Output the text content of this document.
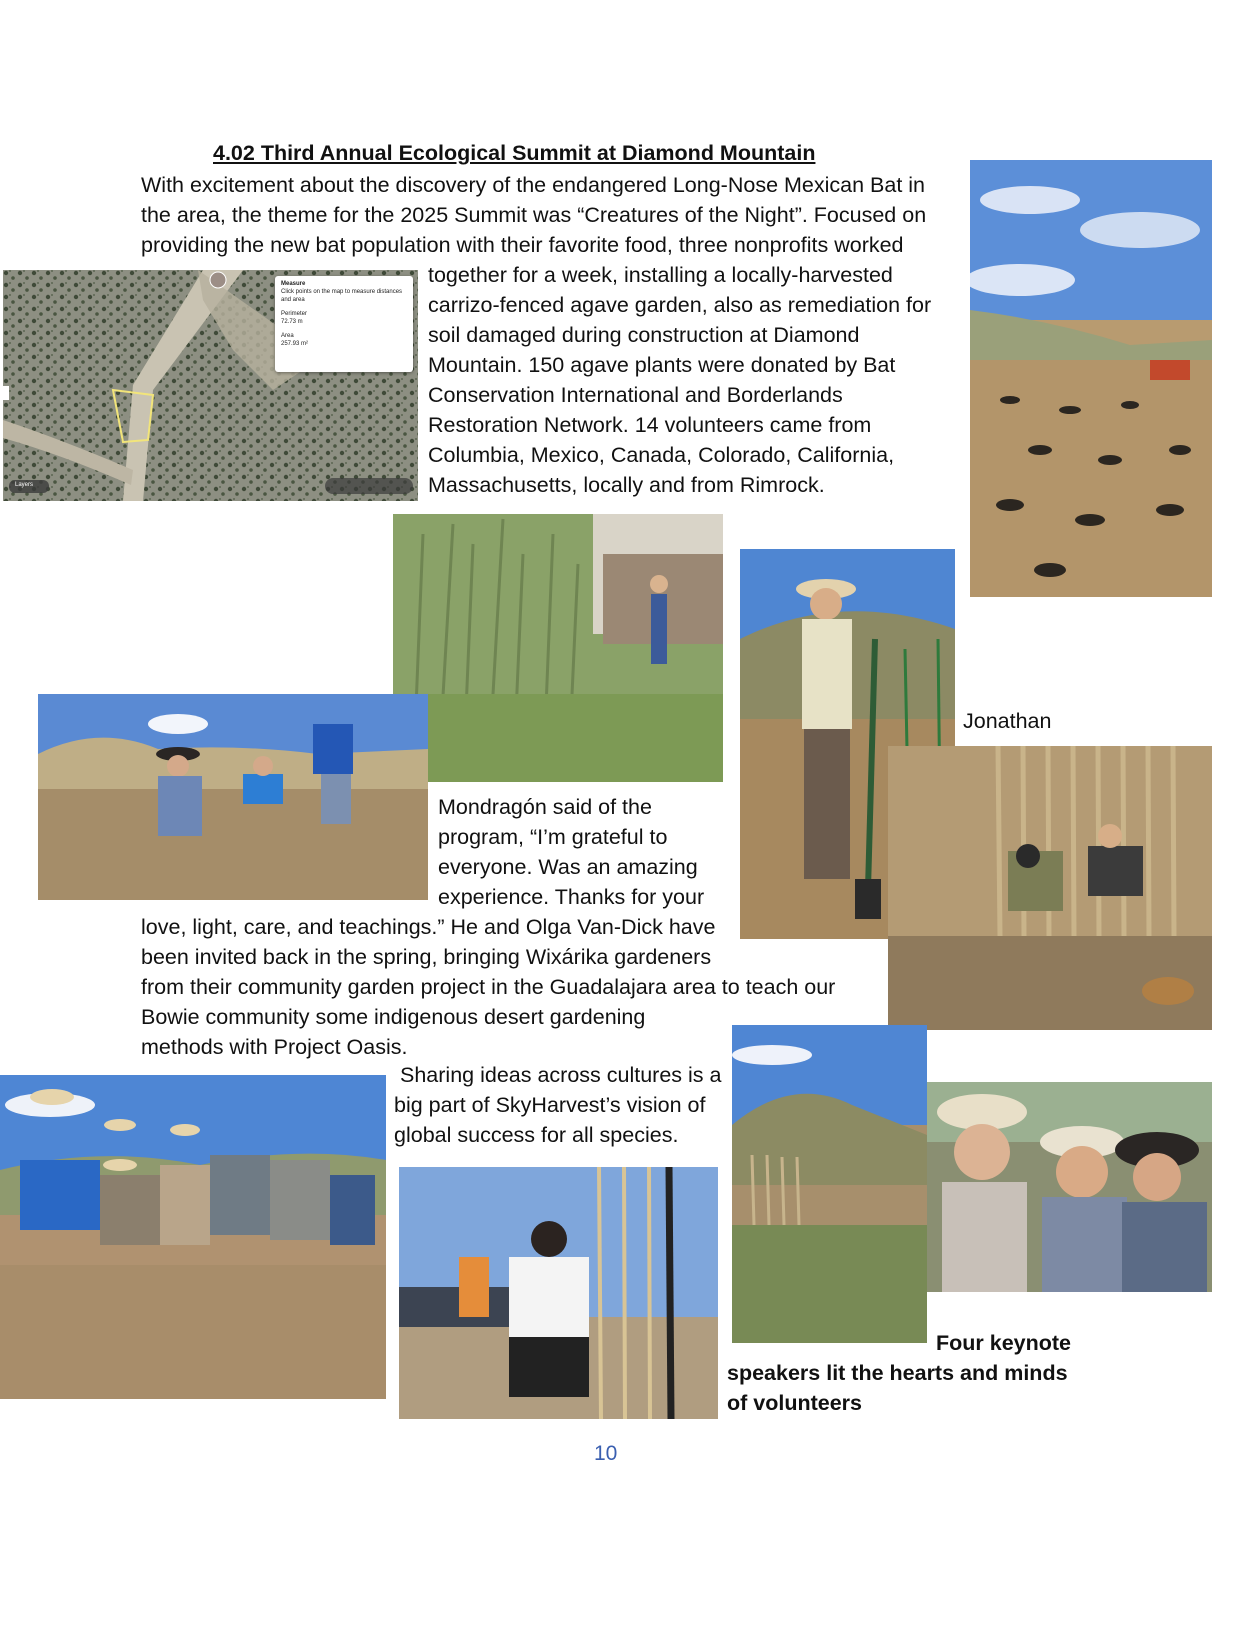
4.02 Third Annual Ecological Summit at Diamond Mountain
With excitement about the discovery of the endangered Long-Nose Mexican Bat in
the area, the theme for the 2025 Summit was “Creatures of the Night”. Focused on
providing the new bat population with their favorite food, three nonprofits worked
together for a week, installing a locally-harvested
carrizo-fenced agave garden, also as remediation for
soil damaged during construction at Diamond
Mountain. 150 agave plants were donated by Bat
Conservation International and Borderlands
Restoration Network. 14 volunteers came from
Columbia, Mexico, Canada, Colorado, California,
Massachusetts, locally and from Rimrock.
Measure
Click points on the map to measure distances and area
Perimeter
72.73 m
Area
257.93 m²
Layers
Jonathan
Mondragón said of the
program, “I’m grateful to
everyone. Was an amazing
experience. Thanks for your
love, light, care, and teachings.” He and Olga Van-Dick have
been invited back in the spring, bringing Wixárika gardeners
from their community garden project in the Guadalajara area to teach our
Bowie community some indigenous desert gardening
methods with Project Oasis.
Sharing ideas across cultures is a
big part of SkyHarvest’s vision of
global success for all species.
Four keynote
speakers lit the hearts and minds
of volunteers
10
